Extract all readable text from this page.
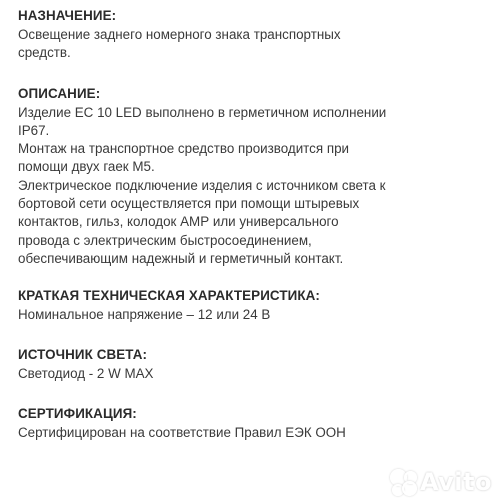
НАЗНАЧЕНИЕ:

Освещение заднего номерного знака транспортных

средств.

ОПИСАНИЕ:

Изделие ЕС 10 LED выполнено в герметичном исполнении

IP67.

Монтаж на транспортное средство производится при

помощи двух гаек М5.

Электрическое подключение изделия с источником света к

бортовой сети осуществляется при помощи штыревых

контактов, гильз, колодок АМР или универсального

провода с электрическим быстросоединением,

обеспечивающим надежный и герметичный контакт.

КРАТКАЯ ТЕХНИЧЕСКАЯ ХАРАКТЕРИСТИКА:

Номинальное напряжение – 12 или 24 В

ИСТОЧНИК СВЕТА:

Светодиод - 2 W MAX

СЕРТИФИКАЦИЯ:

Сертифицирован на соответствие Правил ЕЭК ООН

Avito
